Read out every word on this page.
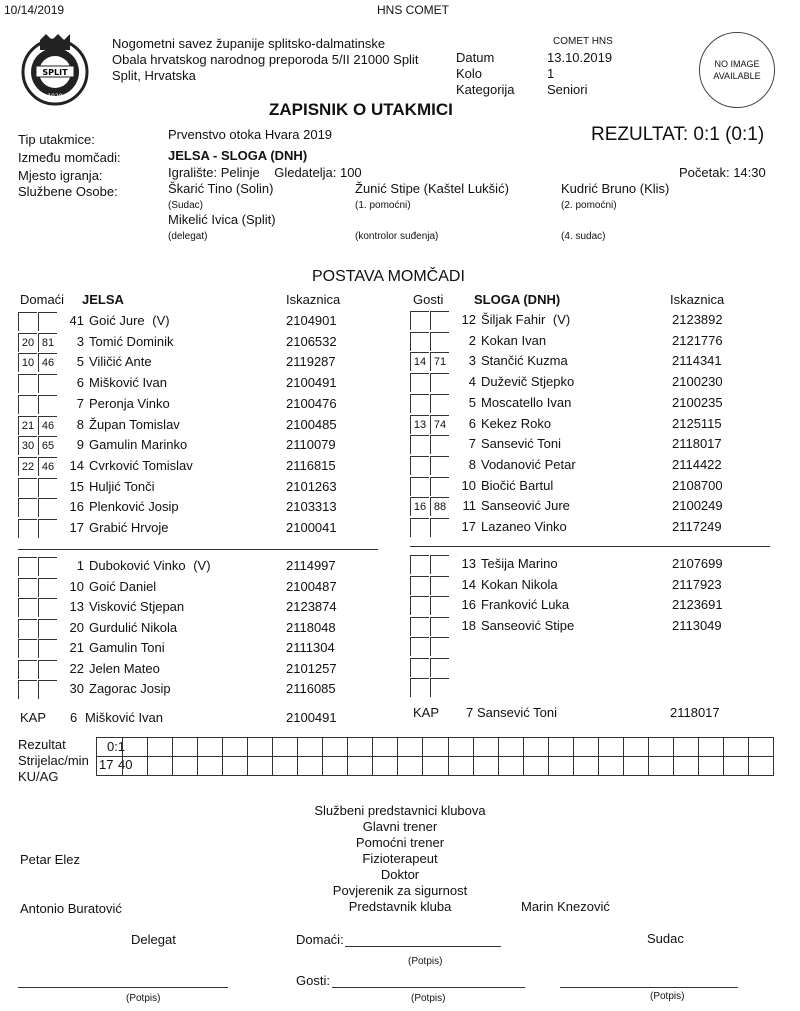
10/14/2019	HNS COMET
SPLIT
1920
Nogometni savez županije splitsko-dalmatinske
Obala hrvatskog narodnog preporoda 5/II 21000 Split
Split, Hrvatska
COMET HNS
Datum	13.10.2019
Kolo	1
Kategorija Seniori
NO IMAGE
AVAILABLE
ZAPISNIK O UTAKMICI
Tip utakmice:	Prvenstvo otoka Hvara 2019	REZULTAT: 0:1 (0:1)
Između momčadi:	JELSA - SLOGA (DNH)
Mjesto igranja:	Igralište: Pelinje    Gledatelja: 100	Početak: 14:30
Službene Osobe:	Škarić Tino (Solin)
(Sudac)
Žunić Stipe (Kaštel Lukšić)
(1. pomoćni)
Kudrić Bruno (Klis)
(2. pomoćni)
Mikelić Ivica (Split)
(delegat)	(kontrolor suđenja)	(4. sudac)
POSTAVA MOMČADI
Domaći JELSA	Iskaznica	Gosti SLOGA (DNH)	Iskaznica
41 Goić Jure (V)	2104901
20 81	3 Tomić Dominik	2106532
10 46	5 Viličić Ante	2119287
6 Mišković Ivan	2100491
7 Peronja Vinko	2100476
21 46	8 Župan Tomislav	2100485
30 65	9 Gamulin Marinko	2110079
22 46	14 Cvrković Tomislav	2116815
15 Huljić Tonči	2101263
16 Plenković Josip	2103313
17 Grabić Hrvoje	2100041
1 Duboković Vinko (V)	2114997
10 Goić Daniel	2100487
13 Visković Stjepan	2123874
20 Gurdulić Nikola	2118048
21 Gamulin Toni	2111304
22 Jelen Mateo	2101257
30 Zagorac Josip	2116085
12 Šiljak Fahir (V)	2123892
2 Kokan Ivan	2121776
14 71	3 Stančić Kuzma	2114341
4 Duževič Stjepko	2100230
5 Moscatello Ivan	2100235
13 74	6 Kekez Roko	2125115
7 Sansević Toni	2118017
8 Vodanović Petar	2114422
10 Biočić Bartul	2108700
16 88	11 Sanseović Jure	2100249
17 Lazaneo Vinko	2117249
13 Tešija Marino	2107699
14 Kokan Nikola	2117923
16 Franković Luka	2123691
18 Sanseović Stipe	2113049
KAP 6 Mišković Ivan	2100491	KAP 7 Sansević Toni	2118017
Rezultat
Strijelac/min
KU/AG
0:1
17 40
Službeni predstavnici klubova
Glavni trener
Pomoćni trener
Fizioterapeut
Doktor
Povjerenik za sigurnost
Predstavnik kluba
Petar Elez
Antonio Buratović	Marin Knezović
Delegat	Domaći:
(Potpis)
Sudac
Gosti:
(Potpis)	(Potpis)	(Potpis)
